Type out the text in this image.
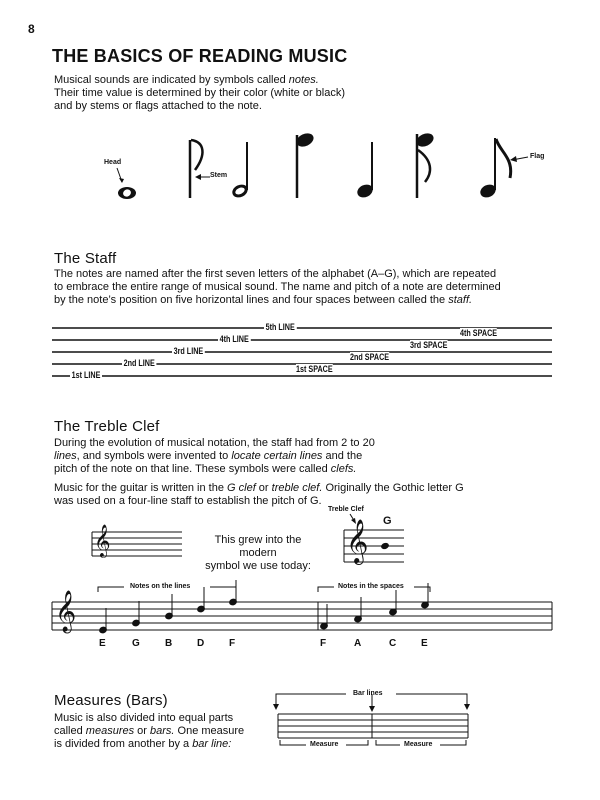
8
THE BASICS OF READING MUSIC
Musical sounds are indicated by symbols called notes.
Their time value is determined by their color (white or black)
and by stems or flags attached to the note.
Head
Stem
Flag
The Staff
The notes are named after the first seven letters of the alphabet (A–G), which are repeated
to embrace the entire range of musical sound. The name and pitch of a note are determined
by the note’s position on five horizontal lines and four spaces between called the staff.
5th LINE
4th LINE
3rd LINE
2nd LINE
1st LINE
4th SPACE
3rd SPACE
2nd SPACE
1st SPACE
The Treble Clef
During the evolution of musical notation, the staff had from 2 to 20
lines, and symbols were invented to locate certain lines and the
pitch of the note on that line. These symbols were called clefs.
Music for the guitar is written in the G clef or treble clef. Originally the Gothic letter G
was used on a four-line staff to establish the pitch of G.
𝄞	𝄞
Treble Clef
G
This grew into the modern
symbol we use today:
𝄞
Notes on the lines	Notes in the spaces
E	G	B D F	F	A	C E
Measures (Bars)
Music is also divided into equal parts
called measures or bars. One measure
is divided from another by a bar line:
Bar lines
Measure	Measure
